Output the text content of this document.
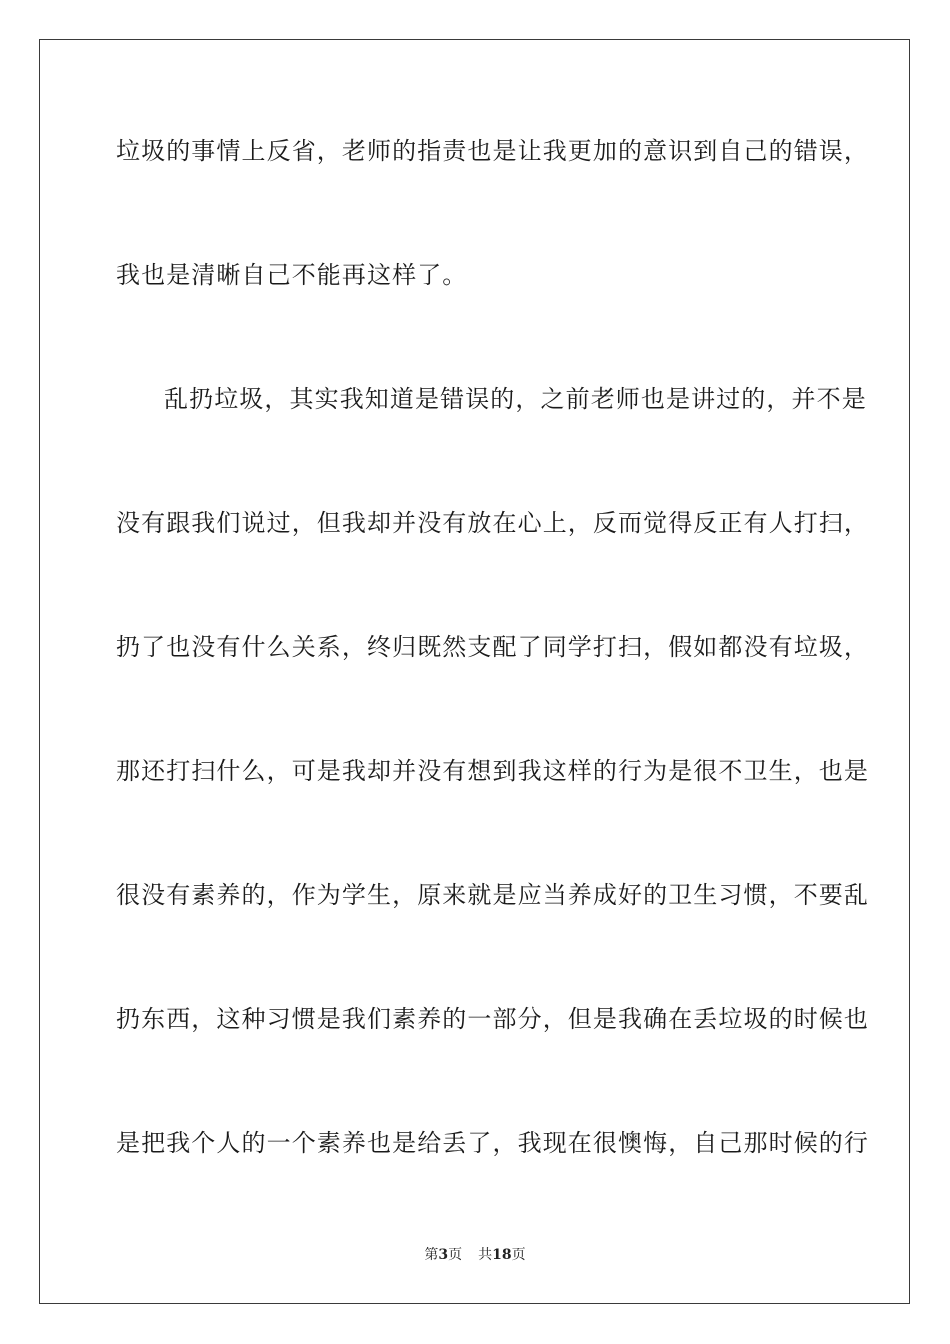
垃圾的事情上反省，老师的指责也是让我更加的意识到自己的错误，
我也是清晰自己不能再这样了。
乱扔垃圾，其实我知道是错误的，之前老师也是讲过的，并不是
没有跟我们说过，但我却并没有放在心上，反而觉得反正有人打扫，
扔了也没有什么关系，终归既然支配了同学打扫，假如都没有垃圾，
那还打扫什么，可是我却并没有想到我这样的行为是很不卫生，也是
很没有素养的，作为学生，原来就是应当养成好的卫生习惯，不要乱
扔东西，这种习惯是我们素养的一部分，但是我确在丢垃圾的时候也
是把我个人的一个素养也是给丢了，我现在很懊悔，自己那时候的行
第3页 共18页
